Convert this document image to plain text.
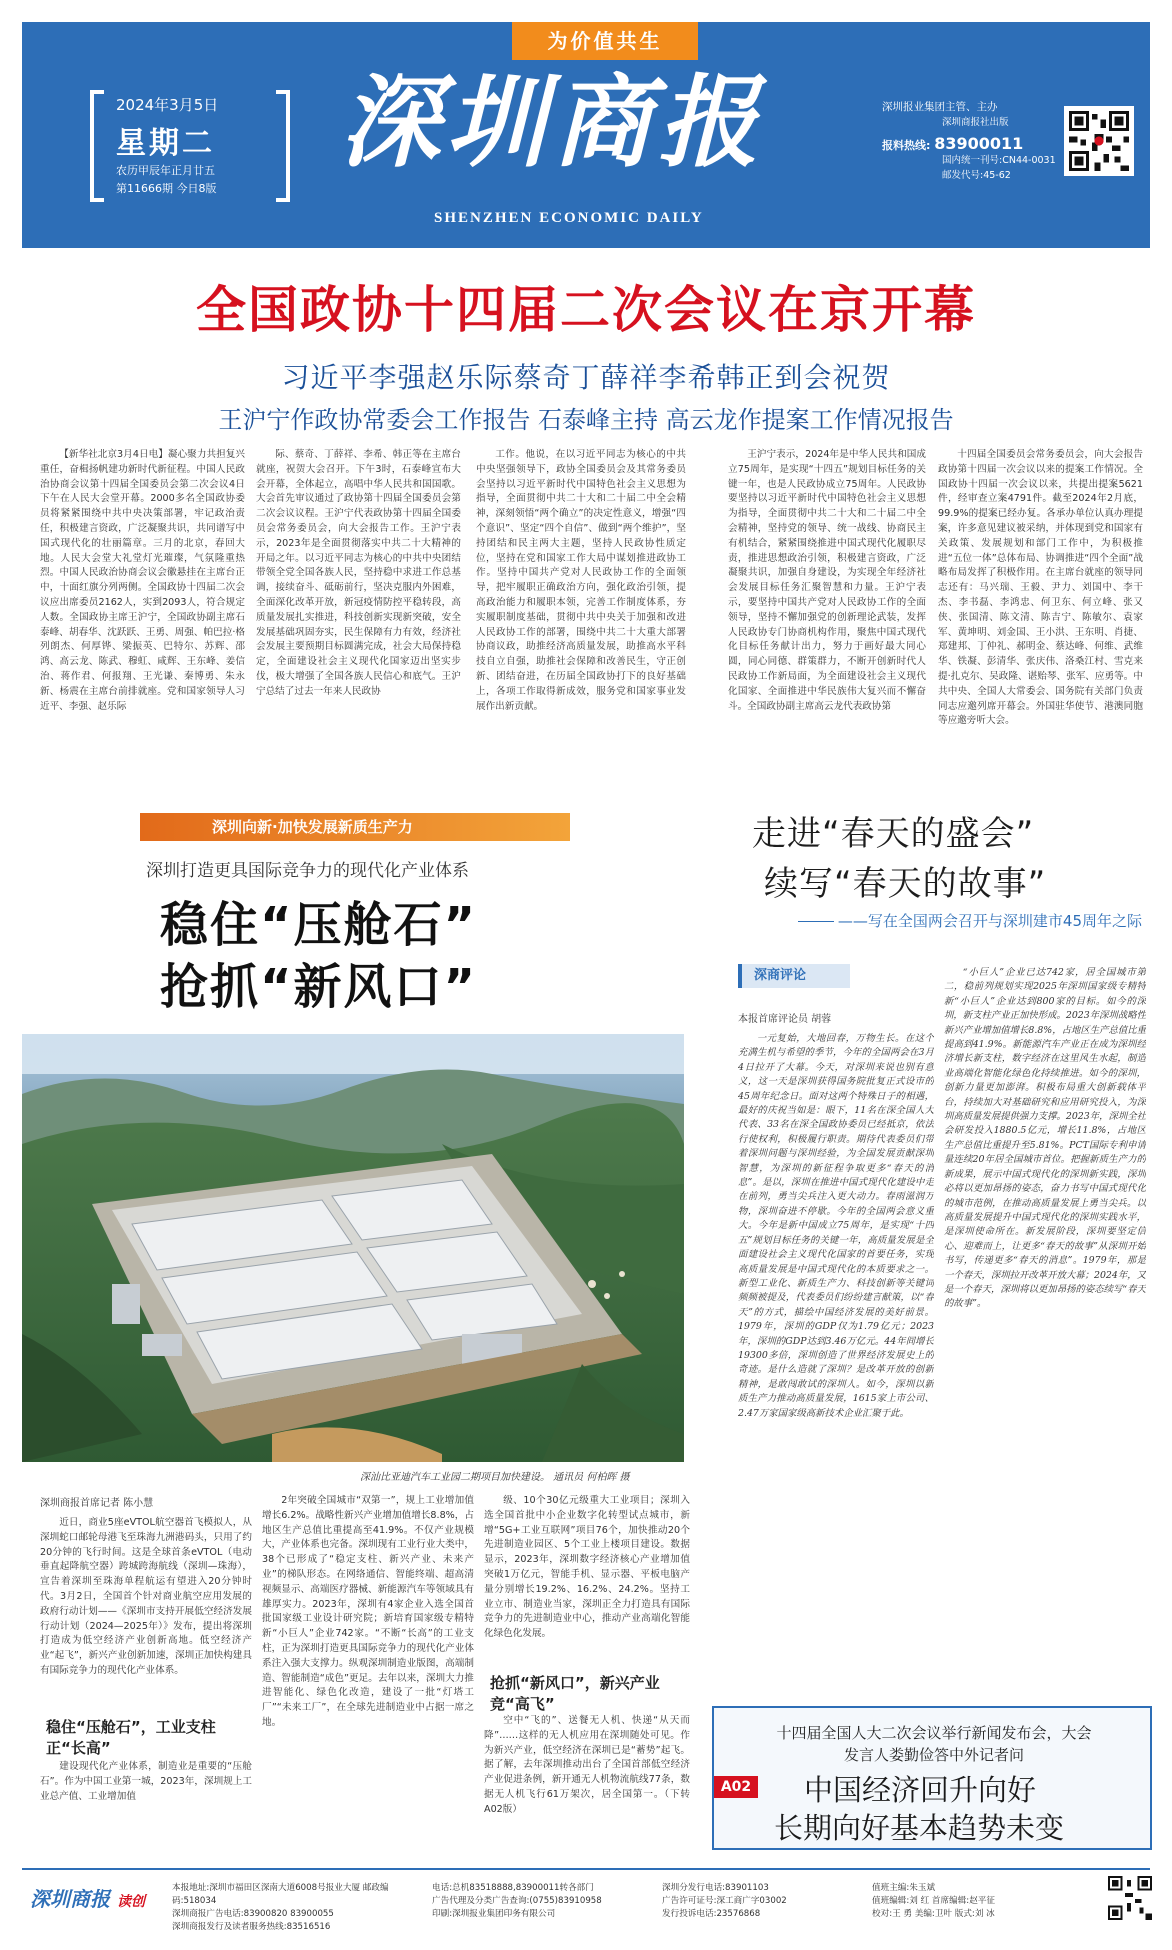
为价值共生
2024年3月5日
星期二
农历甲辰年正月廿五
第11666期 今日8版
深圳商报
SHENZHEN ECONOMIC DAILY
深圳报业集团主管、主办
深圳商报社出版
报料热线: 83900011
国内统一刊号:CN44-0031
邮发代号:45-62
全国政协十四届二次会议在京开幕
习近平李强赵乐际蔡奇丁薛祥李希韩正到会祝贺
王沪宁作政协常委会工作报告 石泰峰主持 高云龙作提案工作情况报告

【新华社北京3月4日电】凝心聚力共担复兴重任，奋楫扬帆建功新时代新征程。中国人民政治协商会议第十四届全国委员会第二次会议4日下午在人民大会堂开幕。2000多名全国政协委员将紧紧围绕中共中央决策部署，牢记政治责任，积极建言资政，广泛凝聚共识，共同谱写中国式现代化的壮丽篇章。三月的北京，春回大地。人民大会堂大礼堂灯光璀璨，气氛隆重热烈。中国人民政治协商会议会徽悬挂在主席台正中，十面红旗分列两侧。全国政协十四届二次会议应出席委员2162人，实到2093人，符合规定人数。全国政协主席王沪宁，全国政协副主席石泰峰、胡春华、沈跃跃、王勇、周强、帕巴拉·格列朗杰、何厚铧、梁振英、巴特尔、苏辉、邵鸿、高云龙、陈武、穆虹、咸辉、王东峰、姜信治、蒋作君、何报翔、王光谦、秦博勇、朱永新、杨震在主席台前排就座。党和国家领导人习近平、李强、赵乐际

际、蔡奇、丁薛祥、李希、韩正等在主席台就座，祝贺大会召开。下午3时，石泰峰宣布大会开幕，全体起立，高唱中华人民共和国国歌。大会首先审议通过了政协第十四届全国委员会第二次会议议程。王沪宁代表政协第十四届全国委员会常务委员会，向大会报告工作。王沪宁表示，2023年是全面贯彻落实中共二十大精神的开局之年。以习近平同志为核心的中共中央团结带领全党全国各族人民，坚持稳中求进工作总基调，接续奋斗、砥砺前行，坚决克服内外困难，全面深化改革开放，新冠疫情防控平稳转段，高质量发展扎实推进，科技创新实现新突破，安全发展基础巩固夯实，民生保障有力有效，经济社会发展主要预期目标圆满完成，社会大局保持稳定，全面建设社会主义现代化国家迈出坚实步伐，极大增强了全国各族人民信心和底气。王沪宁总结了过去一年来人民政协

工作。他说，在以习近平同志为核心的中共中央坚强领导下，政协全国委员会及其常务委员会坚持以习近平新时代中国特色社会主义思想为指导，全面贯彻中共二十大和二十届二中全会精神，深刻领悟“两个确立”的决定性意义，增强“四个意识”、坚定“四个自信”、做到“两个维护”，坚持团结和民主两大主题，坚持人民政协性质定位，坚持在党和国家工作大局中谋划推进政协工作。坚持中国共产党对人民政协工作的全面领导，把牢履职正确政治方向，强化政治引领，提高政治能力和履职本领，完善工作制度体系，夯实履职制度基础，贯彻中共中央关于加强和改进人民政协工作的部署，围绕中共二十大重大部署协商议政，助推经济高质量发展，助推高水平科技自立自强，助推社会保障和改善民生，守正创新、团结奋进，在历届全国政协打下的良好基础上，各项工作取得新成效，服务党和国家事业发展作出新贡献。

王沪宁表示，2024年是中华人民共和国成立75周年，是实现“十四五”规划目标任务的关键一年，也是人民政协成立75周年。人民政协要坚持以习近平新时代中国特色社会主义思想为指导，全面贯彻中共二十大和二十届二中全会精神，坚持党的领导、统一战线、协商民主有机结合，紧紧围绕推进中国式现代化履职尽责，推进思想政治引领，积极建言资政，广泛凝聚共识，加强自身建设，为实现全年经济社会发展目标任务汇聚智慧和力量。王沪宁表示，要坚持中国共产党对人民政协工作的全面领导，坚持不懈加强党的创新理论武装，发挥人民政协专门协商机构作用，聚焦中国式现代化目标任务献计出力，努力于画好最大同心圆，同心同德、群策群力，不断开创新时代人民政协工作新局面，为全面建设社会主义现代化国家、全面推进中华民族伟大复兴而不懈奋斗。全国政协副主席高云龙代表政协第

十四届全国委员会常务委员会，向大会报告政协第十四届一次会议以来的提案工作情况。全国政协十四届一次会议以来，共提出提案5621件，经审查立案4791件。截至2024年2月底，99.9%的提案已经办复。各承办单位认真办理提案，许多意见建议被采纳，并体现到党和国家有关政策、发展规划和部门工作中，为积极推进“五位一体”总体布局、协调推进“四个全面”战略布局发挥了积极作用。在主席台就座的领导同志还有：马兴瑞、王毅、尹力、刘国中、李干杰、李书磊、李鸿忠、何卫东、何立峰、张又侠、张国清、陈文清、陈吉宁、陈敏尔、袁家军、黄坤明、刘金国、王小洪、王东明、肖捷、郑建邦、丁仲礼、郝明金、蔡达峰、何维、武维华、铁凝、彭清华、张庆伟、洛桑江村、雪克来提·扎克尔、吴政隆、谌贻琴、张军、应勇等。中共中央、全国人大常委会、国务院有关部门负责同志应邀列席开幕会。外国驻华使节、港澳同胞等应邀旁听大会。

深圳向新·加快发展新质生产力
深圳打造更具国际竞争力的现代化产业体系
稳住“压舱石”
抢抓“新风口”
深汕比亚迪汽车工业园二期项目加快建设。 通讯员 何柏晖 摄
深圳商报首席记者 陈小慧

近日，商业5座eVTOL航空器首飞模拟人，从深圳蛇口邮轮母港飞至珠海九洲港码头，只用了约20分钟的飞行时间。这是全球首条eVTOL（电动垂直起降航空器）跨城跨海航线（深圳—珠海），宣告着深圳至珠海单程航运有望进入20分钟时代。3月2日，全国首个针对商业航空应用发展的政府行动计划——《深圳市支持开展低空经济发展行动计划（2024—2025年）》发布，提出将深圳打造成为低空经济产业创新高地。低空经济产业“起飞”，新兴产业创新加速，深圳正加快构建具有国际竞争力的现代化产业体系。

稳住“压舱石”，工业支柱正“长高”

建设现代化产业体系，制造业是重要的“压舱石”。作为中国工业第一城，2023年，深圳规上工业总产值、工业增加值

2年突破全国城市“双第一”，规上工业增加值增长6.2%。战略性新兴产业增加值增长8.8%，占地区生产总值比重提高至41.9%。不仅产业规模大，产业体系也完备。深圳现有工业行业大类中，38个已形成了“稳定支柱、新兴产业、未来产业”的梯队形态。在网络通信、智能终端、超高清视频显示、高端医疗器械、新能源汽车等领域具有雄厚实力。2023年，深圳有4家企业入选全国首批国家级工业设计研究院；新培育国家级专精特新“小巨人”企业742家。“不断“长高”的工业支柱，正为深圳打造更具国际竞争力的现代化产业体系注入强大支撑力。纵观深圳制造业版图，高端制造、智能制造“成色”更足。去年以来，深圳大力推进智能化、绿色化改造，建设了一批“灯塔工厂”“未来工厂”，在全球先进制造业中占据一席之地。

级、10个30亿元级重大工业项目；深圳入选全国首批中小企业数字化转型试点城市，新增“5G+工业互联网”项目76个，加快推动20个先进制造业园区、5个工业上楼项目建设。数据显示，2023年，深圳数字经济核心产业增加值突破1万亿元，智能手机、显示器、平板电脑产量分别增长19.2%、16.2%、24.2%。坚持工业立市、制造业当家，深圳正全力打造具有国际竞争力的先进制造业中心，推动产业高端化智能化绿色化发展。

抢抓“新风口”，新兴产业竞“高飞”

空中“飞的”、送餐无人机、快递“从天而降”……这样的无人机应用在深圳随处可见。作为新兴产业，低空经济在深圳已是“蓄势”起飞。据了解，去年深圳推动出台了全国首部低空经济产业促进条例，新开通无人机物流航线77条，数据无人机飞行61万架次，居全国第一。（下转A02版）

走进“春天的盛会”
续写“春天的故事”
——写在全国两会召开与深圳建市45周年之际
深商评论
本报首席评论员 胡蓉

一元复始，大地回春，万物生长。在这个充满生机与希望的季节，今年的全国两会在3月4日拉开了大幕。今天，对深圳来说也别有意义，这一天是深圳获得国务院批复正式设市的45周年纪念日。面对这两个特殊日子的相遇，最好的庆祝当如是：眼下，11名在深全国人大代表、33名在深全国政协委员已经抵京，依法行使权利，积极履行职责。期待代表委员们带着深圳问题与深圳经验，为全国发展贡献深圳智慧，为深圳的新征程争取更多“春天的消息”。是以，深圳在推进中国式现代化建设中走在前列，勇当尖兵注入更大动力。春雨滋润万物，深圳奋进不停歇。今年的全国两会意义重大。今年是新中国成立75周年，是实现“十四五”规划目标任务的关键一年，高质量发展是全面建设社会主义现代化国家的首要任务，实现高质量发展是中国式现代化的本质要求之一。新型工业化、新质生产力、科技创新等关键词频频被提及，代表委员们纷纷建言献策，以“春天”的方式，描绘中国经济发展的美好前景。1979年，深圳的GDP仅为1.79亿元；2023年，深圳的GDP达到3.46万亿元。44年间增长19300多倍，深圳创造了世界经济发展史上的奇迹。是什么造就了深圳？是改革开放的创新精神，是敢闯敢试的深圳人。如今，深圳以新质生产力推动高质量发展，1615家上市公司、2.47万家国家级高新技术企业汇聚于此。

“小巨人”企业已达742家，居全国城市第二，稳前列规划实现2025年深圳国家级专精特新“小巨人”企业达到800家的目标。如今的深圳，新支柱产业正加快形成。2023年深圳战略性新兴产业增加值增长8.8%，占地区生产总值比重提高到41.9%。新能源汽车产业正在成为深圳经济增长新支柱，数字经济在这里风生水起，制造业高端化智能化绿色化持续推进。如今的深圳，创新力量更加澎湃。积极布局重大创新载体平台，持续加大对基础研究和应用研究投入，为深圳高质量发展提供强力支撑。2023年，深圳全社会研发投入1880.5亿元，增长11.8%，占地区生产总值比重提升至5.81%。PCT国际专利申请量连续20年居全国城市首位。把握新质生产力的新成果，展示中国式现代化的深圳新实践，深圳必将以更加昂扬的姿态，奋力书写中国式现代化的城市范例，在推动高质量发展上勇当尖兵。以高质量发展提升中国式现代化的深圳实践水平，是深圳使命所在。新发展阶段，深圳要坚定信心、迎难而上，让更多“春天的故事”从深圳开始书写，传递更多“春天的消息”。1979年，那是一个春天，深圳拉开改革开放大幕；2024年，又是一个春天，深圳将以更加昂扬的姿态续写“春天的故事”。

十四届全国人大二次会议举行新闻发布会，大会
发言人娄勤俭答中外记者问
A02 中国经济回升向好
长期向好基本趋势未变
深圳商报 读创
本报地址:深圳市福田区深南大道6008号报业大厦 邮政编码:518034
深圳商报广告电话:83900820 83900055
深圳商报发行及读者服务热线:83516516
电话:总机83518888,83900011转各部门
广告代理及分类广告查询:(0755)83910958
印刷:深圳报业集团印务有限公司
深圳分发行电话:83901103
广告许可证号:深工商广字03002
发行投诉电话:23576868
值班主编:朱玉斌
值班编辑:刘 红 首席编辑:赵平征
校对:王 勇 美编:卫叶 版式:刘 冰
